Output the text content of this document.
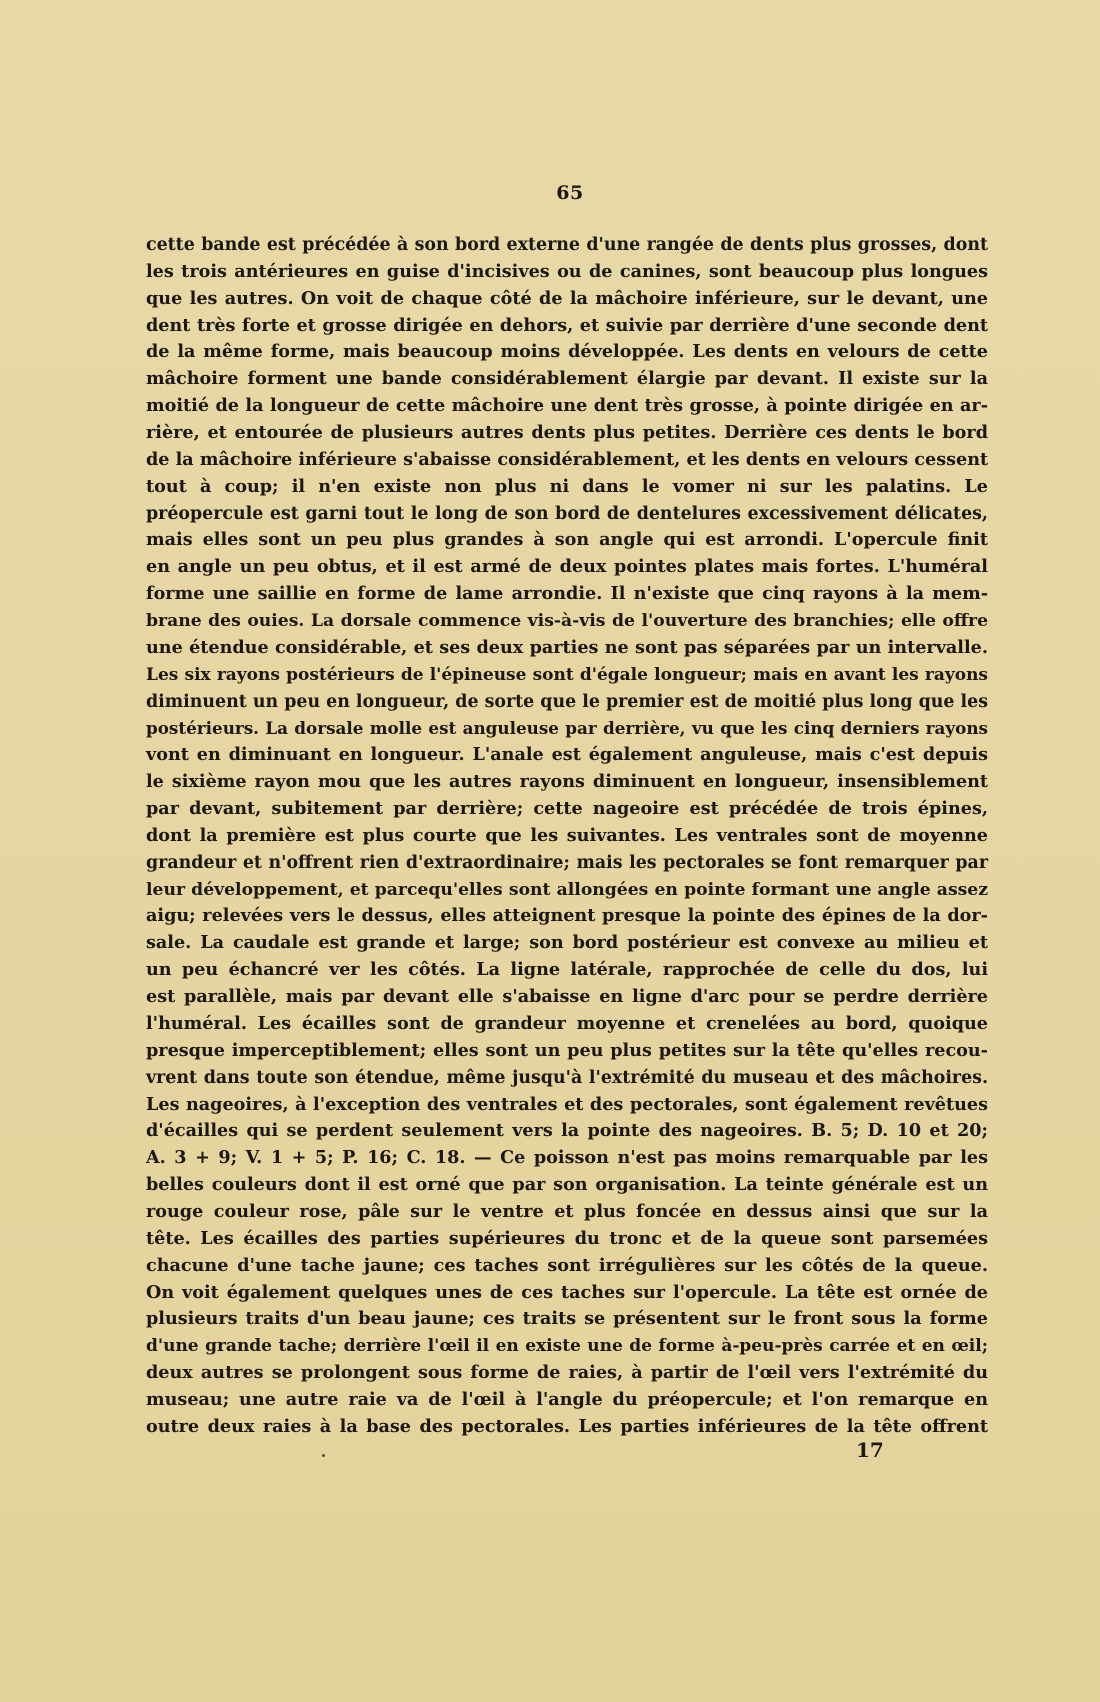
65
cette bande est précédée à son bord externe d'une rangée de dents plus grosses, dont
les trois antérieures en guise d'incisives ou de canines, sont beaucoup plus longues
que les autres. On voit de chaque côté de la mâchoire inférieure, sur le devant, une
dent très forte et grosse dirigée en dehors, et suivie par derrière d'une seconde dent
de la même forme, mais beaucoup moins développée. Les dents en velours de cette
mâchoire forment une bande considérablement élargie par devant. Il existe sur la
moitié de la longueur de cette mâchoire une dent très grosse, à pointe dirigée en ar-
rière, et entourée de plusieurs autres dents plus petites. Derrière ces dents le bord
de la mâchoire inférieure s'abaisse considérablement, et les dents en velours cessent
tout à coup; il n'en existe non plus ni dans le vomer ni sur les palatins. Le
préopercule est garni tout le long de son bord de dentelures excessivement délicates,
mais elles sont un peu plus grandes à son angle qui est arrondi. L'opercule finit
en angle un peu obtus, et il est armé de deux pointes plates mais fortes. L'huméral
forme une saillie en forme de lame arrondie. Il n'existe que cinq rayons à la mem-
brane des ouies. La dorsale commence vis-à-vis de l'ouverture des branchies; elle offre
une étendue considérable, et ses deux parties ne sont pas séparées par un intervalle.
Les six rayons postérieurs de l'épineuse sont d'égale longueur; mais en avant les rayons
diminuent un peu en longueur, de sorte que le premier est de moitié plus long que les
postérieurs. La dorsale molle est anguleuse par derrière, vu que les cinq derniers rayons
vont en diminuant en longueur. L'anale est également anguleuse, mais c'est depuis
le sixième rayon mou que les autres rayons diminuent en longueur, insensiblement
par devant, subitement par derrière; cette nageoire est précédée de trois épines,
dont la première est plus courte que les suivantes. Les ventrales sont de moyenne
grandeur et n'offrent rien d'extraordinaire; mais les pectorales se font remarquer par
leur développement, et parcequ'elles sont allongées en pointe formant une angle assez
aigu; relevées vers le dessus, elles atteignent presque la pointe des épines de la dor-
sale. La caudale est grande et large; son bord postérieur est convexe au milieu et
un peu échancré ver les côtés. La ligne latérale, rapprochée de celle du dos, lui
est parallèle, mais par devant elle s'abaisse en ligne d'arc pour se perdre derrière
l'huméral. Les écailles sont de grandeur moyenne et crenelées au bord, quoique
presque imperceptiblement; elles sont un peu plus petites sur la tête qu'elles recou-
vrent dans toute son étendue, même jusqu'à l'extrémité du museau et des mâchoires.
Les nageoires, à l'exception des ventrales et des pectorales, sont également revêtues
d'écailles qui se perdent seulement vers la pointe des nageoires. B. 5; D. 10 et 20;
A. 3 + 9; V. 1 + 5; P. 16; C. 18. — Ce poisson n'est pas moins remarquable par les
belles couleurs dont il est orné que par son organisation. La teinte générale est un
rouge couleur rose, pâle sur le ventre et plus foncée en dessus ainsi que sur la
tête. Les écailles des parties supérieures du tronc et de la queue sont parsemées
chacune d'une tache jaune; ces taches sont irrégulières sur les côtés de la queue.
On voit également quelques unes de ces taches sur l'opercule. La tête est ornée de
plusieurs traits d'un beau jaune; ces traits se présentent sur le front sous la forme
d'une grande tache; derrière l'œil il en existe une de forme à-peu-près carrée et en œil;
deux autres se prolongent sous forme de raies, à partir de l'œil vers l'extrémité du
museau; une autre raie va de l'œil à l'angle du préopercule; et l'on remarque en
outre deux raies à la base des pectorales. Les parties inférieures de la tête offrent
17
